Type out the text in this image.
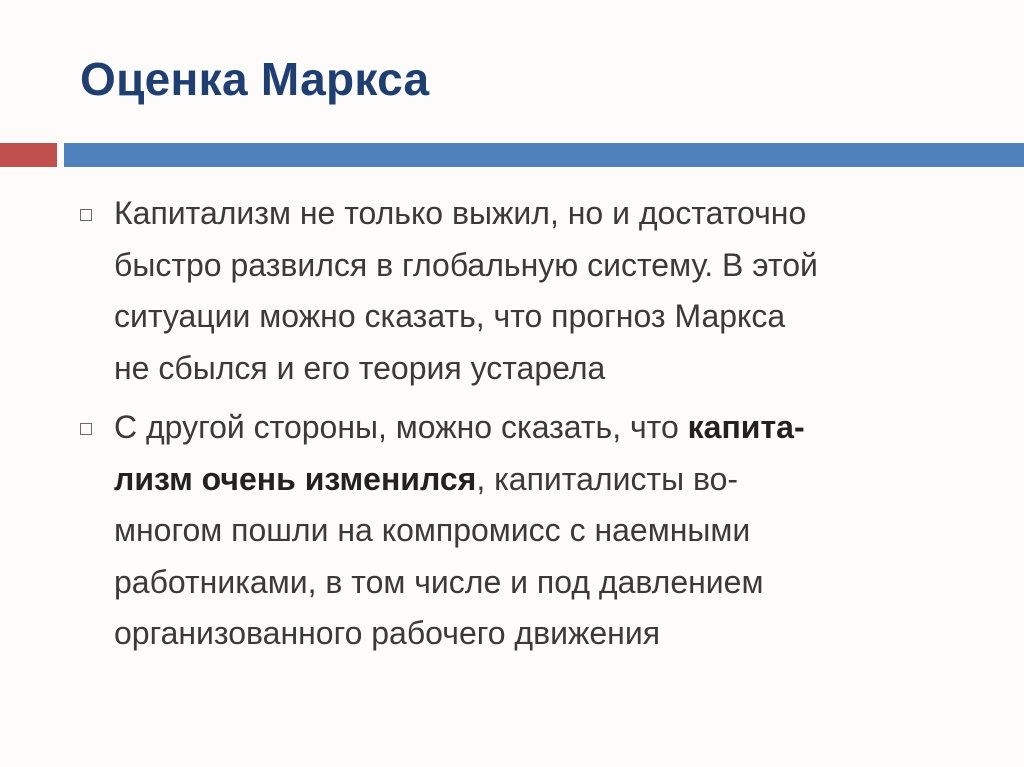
Оценка Маркса
Капитализм не только выжил, но и достаточно
быстро развился в глобальную систему. В этой
ситуации можно сказать, что прогноз Маркса
не сбылся и его теория устарела
С другой стороны, можно сказать, что капита-
лизм очень изменился, капиталисты во-
многом пошли на компромисс с наемными
работниками, в том числе и под давлением
организованного рабочего движения
